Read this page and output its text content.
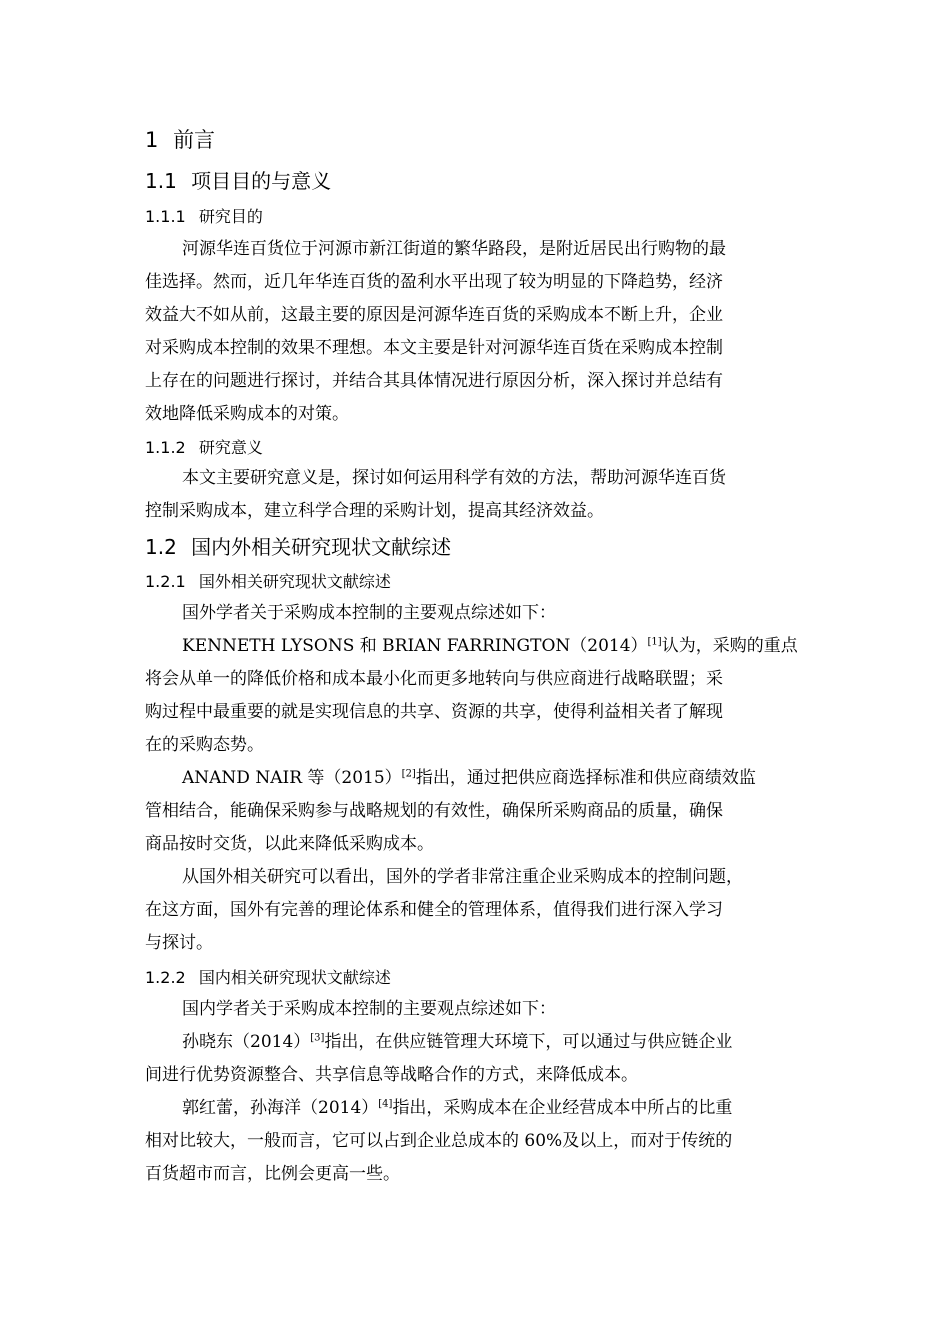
1 前言
1.1 项目目的与意义
1.1.1 研究目的
河源华连百货位于河源市新江街道的繁华路段，是附近居民出行购物的最
佳选择。然而，近几年华连百货的盈利水平出现了较为明显的下降趋势，经济
效益大不如从前，这最主要的原因是河源华连百货的采购成本不断上升，企业
对采购成本控制的效果不理想。本文主要是针对河源华连百货在采购成本控制
上存在的问题进行探讨，并结合其具体情况进行原因分析，深入探讨并总结有
效地降低采购成本的对策。
1.1.2 研究意义
本文主要研究意义是，探讨如何运用科学有效的方法，帮助河源华连百货
控制采购成本，建立科学合理的采购计划，提高其经济效益。
1.2 国内外相关研究现状文献综述
1.2.1 国外相关研究现状文献综述
国外学者关于采购成本控制的主要观点综述如下：
KENNETH LYSONS 和 BRIAN FARRINGTON（2014）[1]认为，采购的重点
将会从单一的降低价格和成本最小化而更多地转向与供应商进行战略联盟；采
购过程中最重要的就是实现信息的共享、资源的共享，使得利益相关者了解现
在的采购态势。
ANAND NAIR 等（2015）[2]指出，通过把供应商选择标准和供应商绩效监
管相结合，能确保采购参与战略规划的有效性，确保所采购商品的质量，确保
商品按时交货，以此来降低采购成本。
从国外相关研究可以看出，国外的学者非常注重企业采购成本的控制问题，
在这方面，国外有完善的理论体系和健全的管理体系，值得我们进行深入学习
与探讨。
1.2.2 国内相关研究现状文献综述
国内学者关于采购成本控制的主要观点综述如下：
孙晓东（2014）[3]指出，在供应链管理大环境下，可以通过与供应链企业
间进行优势资源整合、共享信息等战略合作的方式，来降低成本。
郭红蕾，孙海洋（2014）[4]指出，采购成本在企业经营成本中所占的比重
相对比较大，一般而言，它可以占到企业总成本的 60%及以上，而对于传统的
百货超市而言，比例会更高一些。
